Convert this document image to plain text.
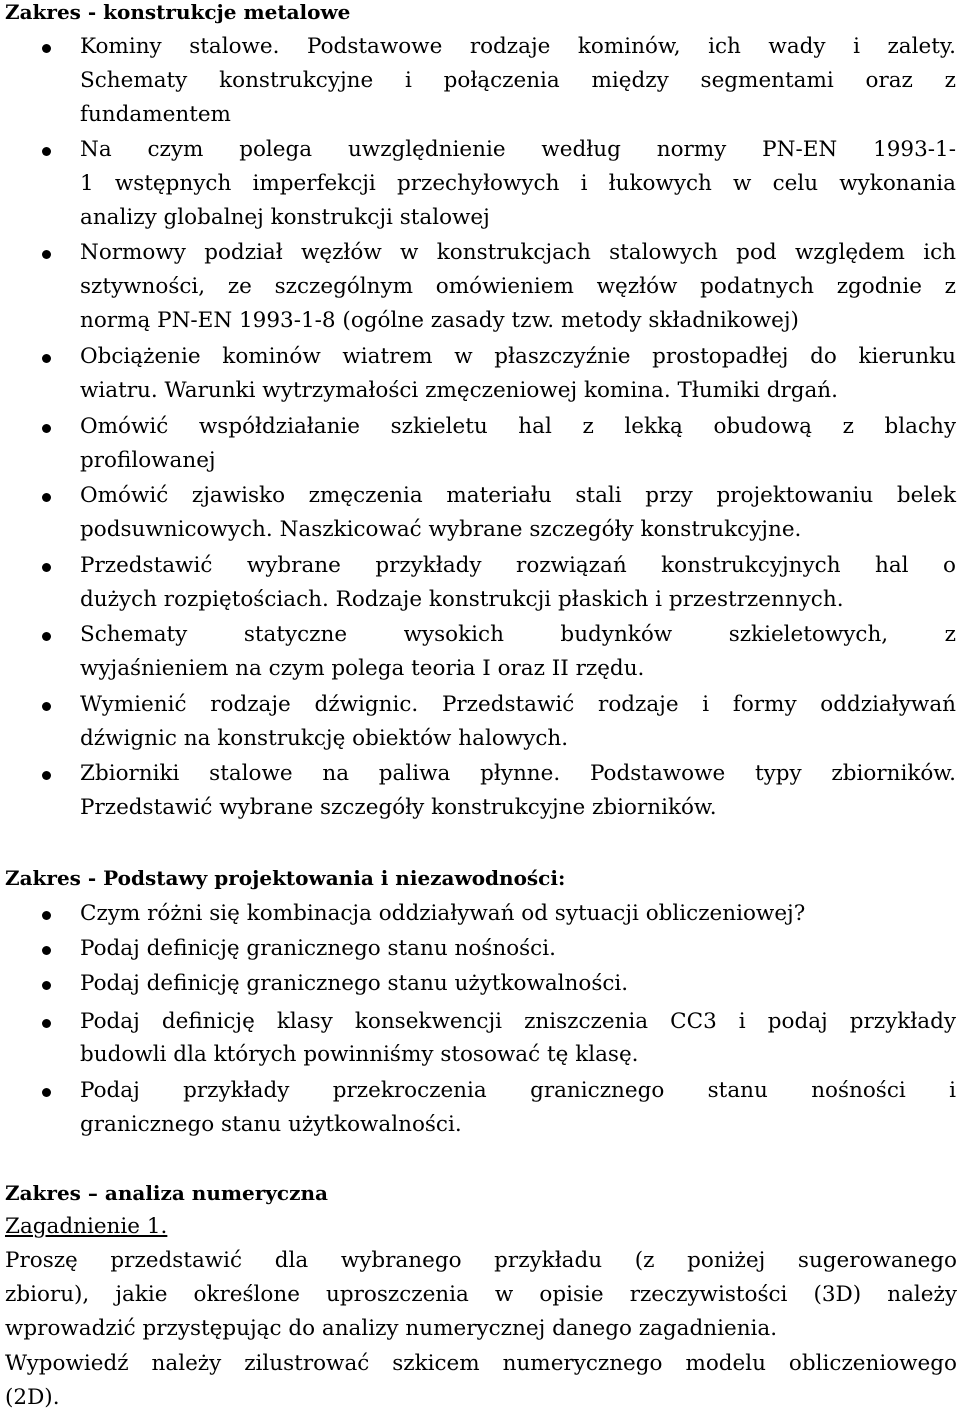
Zakres - konstrukcje metalowe
Kominy stalowe. Podstawowe rodzaje kominów, ich wady i zalety.
Schematy konstrukcyjne i połączenia między segmentami oraz z
fundamentem
Na czym polega uwzględnienie według normy PN-EN 1993-1-
1 wstępnych imperfekcji przechyłowych i łukowych w celu wykonania
analizy globalnej konstrukcji stalowej
Normowy podział węzłów w konstrukcjach stalowych pod względem ich
sztywności, ze szczególnym omówieniem węzłów podatnych zgodnie z
normą PN-EN 1993-1-8 (ogólne zasady tzw. metody składnikowej)
Obciążenie kominów wiatrem w płaszczyźnie prostopadłej do kierunku
wiatru. Warunki wytrzymałości zmęczeniowej komina. Tłumiki drgań.
Omówić współdziałanie szkieletu hal z lekką obudową z blachy
profilowanej
Omówić zjawisko zmęczenia materiału stali przy projektowaniu belek
podsuwnicowych. Naszkicować wybrane szczegóły konstrukcyjne.
Przedstawić wybrane przykłady rozwiązań konstrukcyjnych hal o
dużych rozpiętościach. Rodzaje konstrukcji płaskich i przestrzennych.
Schematy statyczne wysokich budynków szkieletowych, z
wyjaśnieniem na czym polega teoria I oraz II rzędu.
Wymienić rodzaje dźwignic. Przedstawić rodzaje i formy oddziaływań
dźwignic na konstrukcję obiektów halowych.
Zbiorniki stalowe na paliwa płynne. Podstawowe typy zbiorników.
Przedstawić wybrane szczegóły konstrukcyjne zbiorników.
Zakres - Podstawy projektowania i niezawodności:
Czym różni się kombinacja oddziaływań od sytuacji obliczeniowej?
Podaj definicję granicznego stanu nośności.
Podaj definicję granicznego stanu użytkowalności.
Podaj definicję klasy konsekwencji zniszczenia CC3 i podaj przykłady
budowli dla których powinniśmy stosować tę klasę.
Podaj przykłady przekroczenia granicznego stanu nośności i
granicznego stanu użytkowalności.
Zakres – analiza numeryczna
Zagadnienie 1.
Proszę przedstawić dla wybranego przykładu (z poniżej sugerowanego
zbioru), jakie określone uproszczenia w opisie rzeczywistości (3D) należy
wprowadzić przystępując do analizy numerycznej danego zagadnienia.
Wypowiedź należy zilustrować szkicem numerycznego modelu obliczeniowego
(2D).
